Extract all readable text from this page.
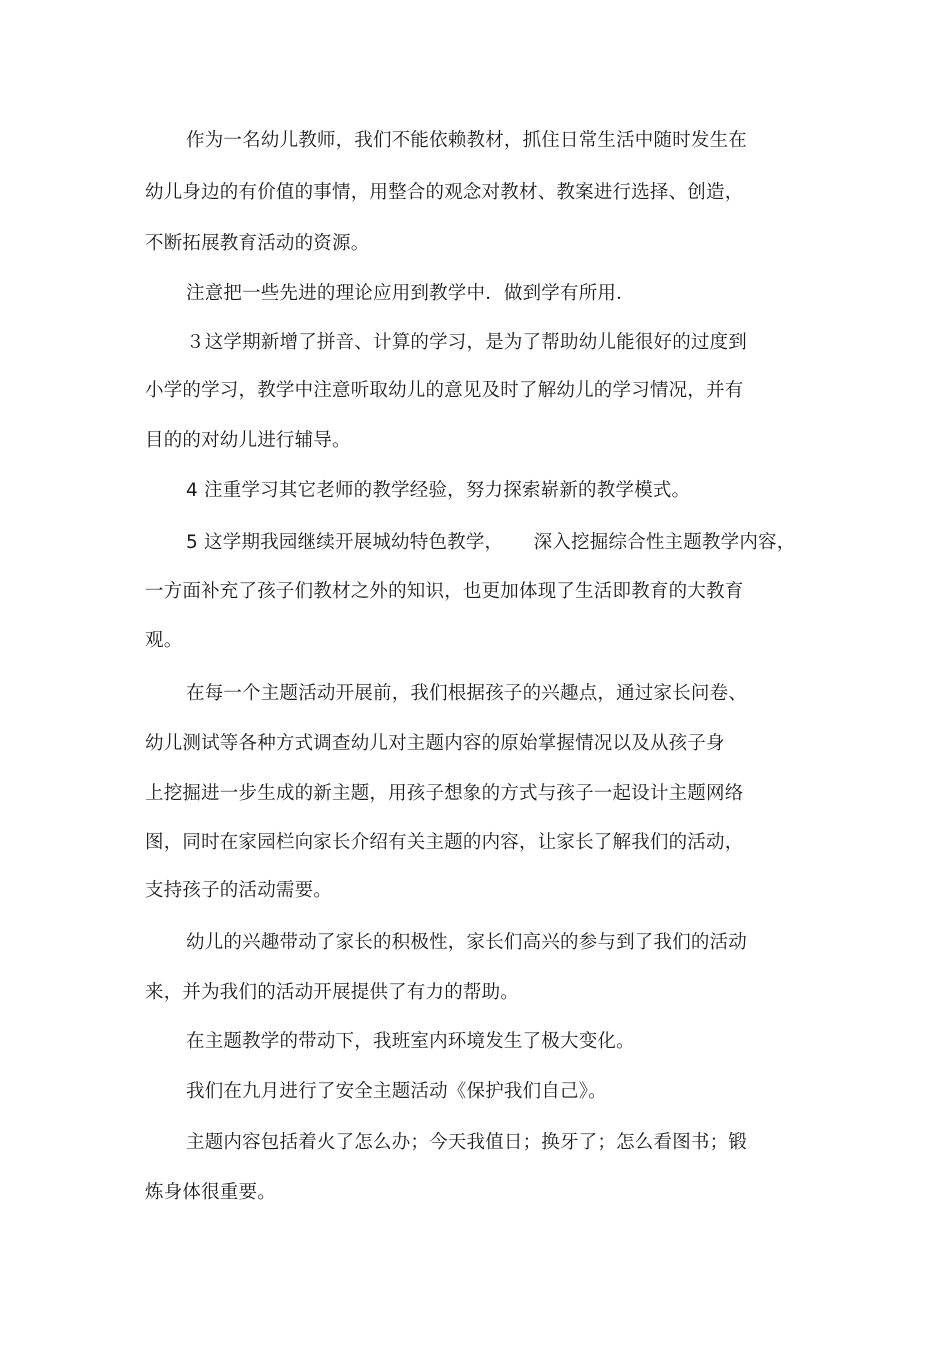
作为一名幼儿教师，我们不能依赖教材，抓住日常生活中随时发生在
幼儿身边的有价值的事情，用整合的观念对教材、教案进行选择、创造，
不断拓展教育活动的资源。
注意把一些先进的理论应用到教学中．做到学有所用．
３这学期新增了拼音、计算的学习，是为了帮助幼儿能很好的过度到
小学的学习，教学中注意听取幼儿的意见及时了解幼儿的学习情况，并有
目的的对幼儿进行辅导。
4 注重学习其它老师的教学经验，努力探索崭新的教学模式。
5 这学期我园继续开展城幼特色教学，     深入挖掘综合性主题教学内容，
一方面补充了孩子们教材之外的知识，也更加体现了生活即教育的大教育
观。
在每一个主题活动开展前，我们根据孩子的兴趣点，通过家长问卷、
幼儿测试等各种方式调查幼儿对主题内容的原始掌握情况以及从孩子身
上挖掘进一步生成的新主题，用孩子想象的方式与孩子一起设计主题网络
图，同时在家园栏向家长介绍有关主题的内容，让家长了解我们的活动，
支持孩子的活动需要。
幼儿的兴趣带动了家长的积极性，家长们高兴的参与到了我们的活动
来，并为我们的活动开展提供了有力的帮助。
在主题教学的带动下，我班室内环境发生了极大变化。
我们在九月进行了安全主题活动《保护我们自己》。
主题内容包括着火了怎么办；今天我值日；换牙了；怎么看图书；锻
炼身体很重要。
